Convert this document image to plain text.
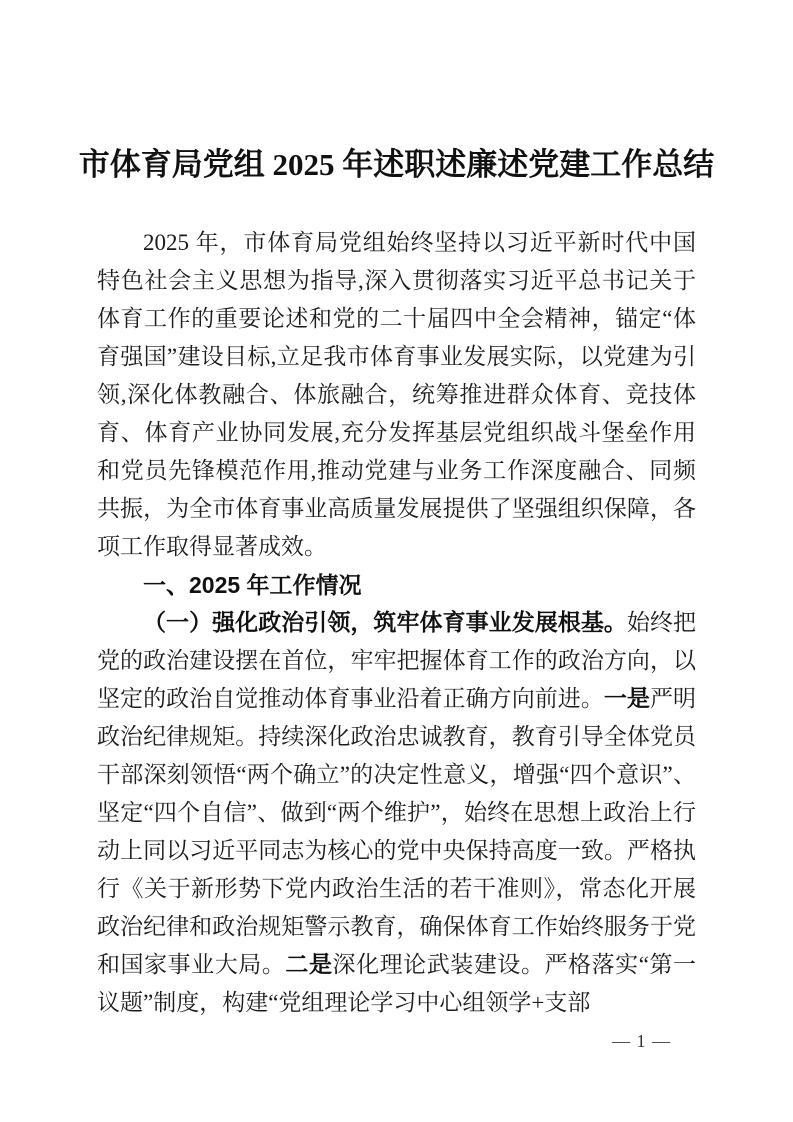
市体育局党组 2025 年述职述廉述党建工作总结

2025 年，市体育局党组始终坚持以习近平新时代中国特色社会主义思想为指导,深入贯彻落实习近平总书记关于体育工作的重要论述和党的二十届四中全会精神，锚定“体育强国”建设目标,立足我市体育事业发展实际，以党建为引领,深化体教融合、体旅融合，统筹推进群众体育、竞技体育、体育产业协同发展,充分发挥基层党组织战斗堡垒作用和党员先锋模范作用,推动党建与业务工作深度融合、同频共振，为全市体育事业高质量发展提供了坚强组织保障，各项工作取得显著成效。

一、2025 年工作情况

（一）强化政治引领，筑牢体育事业发展根基。始终把党的政治建设摆在首位，牢牢把握体育工作的政治方向，以坚定的政治自觉推动体育事业沿着正确方向前进。一是严明政治纪律规矩。持续深化政治忠诚教育，教育引导全体党员干部深刻领悟“两个确立”的决定性意义，增强“四个意识”、坚定“四个自信”、做到“两个维护”，始终在思想上政治上行动上同以习近平同志为核心的党中央保持高度一致。严格执行《关于新形势下党内政治生活的若干准则》，常态化开展政治纪律和政治规矩警示教育，确保体育工作始终服务于党和国家事业大局。二是深化理论武装建设。严格落实“第一议题”制度，构建“党组理论学习中心组领学+支部

— 1 —
